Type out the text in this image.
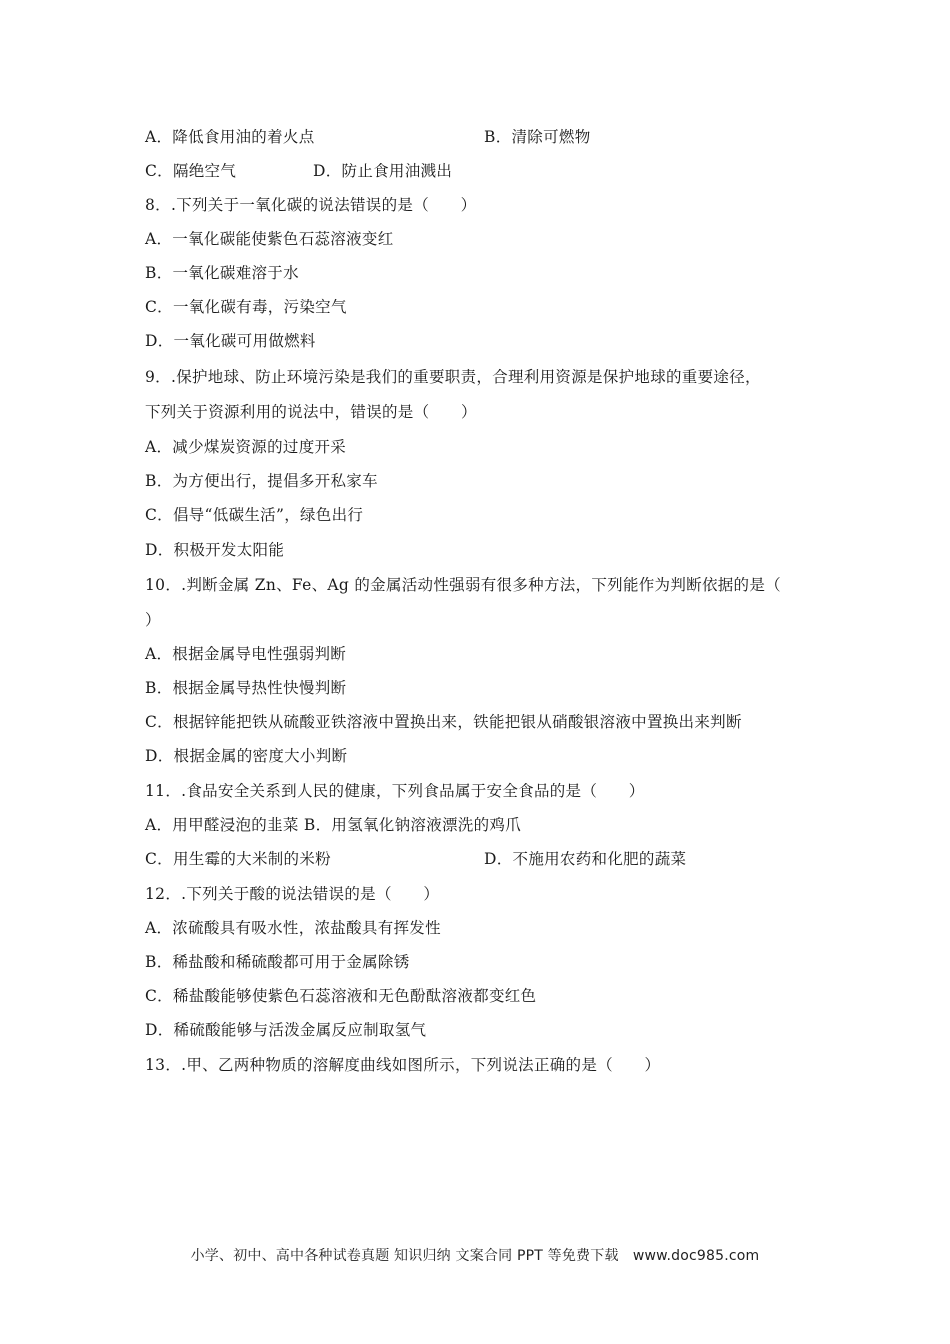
A．降低食用油的着火点	B．清除可燃物
C．隔绝空气	D．防止食用油溅出
8．.下列关于一氧化碳的说法错误的是（　　）
A．一氧化碳能使紫色石蕊溶液变红
B．一氧化碳难溶于水
C．一氧化碳有毒，污染空气
D．一氧化碳可用做燃料
9．.保护地球、防止环境污染是我们的重要职责，合理利用资源是保护地球的重要途径，
下列关于资源利用的说法中，错误的是（　　）
A．减少煤炭资源的过度开采
B．为方便出行，提倡多开私家车
C．倡导“低碳生活”，绿色出行
D．积极开发太阳能
10．.判断金属 Zn、Fe、Ag 的金属活动性强弱有很多种方法，下列能作为判断依据的是（
）
A．根据金属导电性强弱判断
B．根据金属导热性快慢判断
C．根据锌能把铁从硫酸亚铁溶液中置换出来，铁能把银从硝酸银溶液中置换出来判断
D．根据金属的密度大小判断
11．.食品安全关系到人民的健康，下列食品属于安全食品的是（　　）
A．用甲醛浸泡的韭菜 B．用氢氧化钠溶液漂洗的鸡爪
C．用生霉的大米制的米粉	D．不施用农药和化肥的蔬菜
12．.下列关于酸的说法错误的是（　　）
A．浓硫酸具有吸水性，浓盐酸具有挥发性
B．稀盐酸和稀硫酸都可用于金属除锈
C．稀盐酸能够使紫色石蕊溶液和无色酚酞溶液都变红色
D．稀硫酸能够与活泼金属反应制取氢气
13．.甲、乙两种物质的溶解度曲线如图所示，下列说法正确的是（　　）
小学、初中、高中各种试卷真题 知识归纳 文案合同 PPT 等免费下载　www.doc985.com
